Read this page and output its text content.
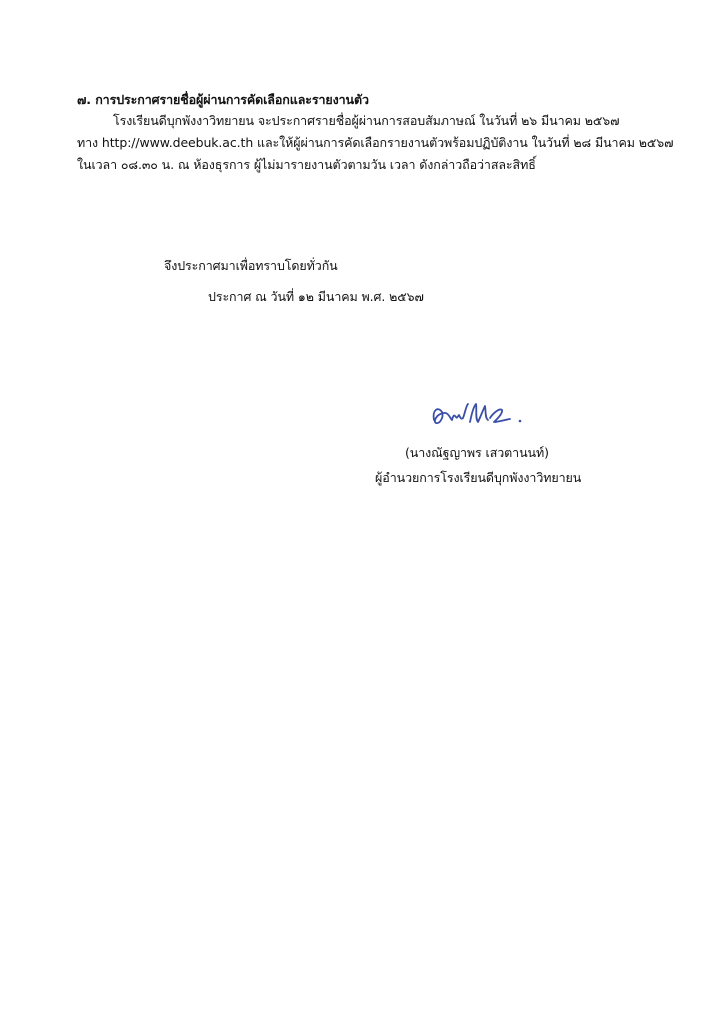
๗. การประกาศรายชื่อผู้ผ่านการคัดเลือกและรายงานตัว
โรงเรียนดีบุกพังงาวิทยายน จะประกาศรายชื่อผู้ผ่านการสอบสัมภาษณ์ ในวันที่ ๒๖ มีนาคม ๒๕๖๗
ทาง http://www.deebuk.ac.th และให้ผู้ผ่านการคัดเลือกรายงานตัวพร้อมปฏิบัติงาน ในวันที่ ๒๘ มีนาคม ๒๕๖๗
ในเวลา ๐๘.๓๐ น. ณ ห้องธุรการ ผู้ไม่มารายงานตัวตามวัน เวลา ดังกล่าวถือว่าสละสิทธิ์
จึงประกาศมาเพื่อทราบโดยทั่วกัน
ประกาศ ณ วันที่ ๑๒ มีนาคม พ.ศ. ๒๕๖๗
(นางณัฐญาพร เสวตานนท์)
ผู้อำนวยการโรงเรียนดีบุกพังงาวิทยายน
